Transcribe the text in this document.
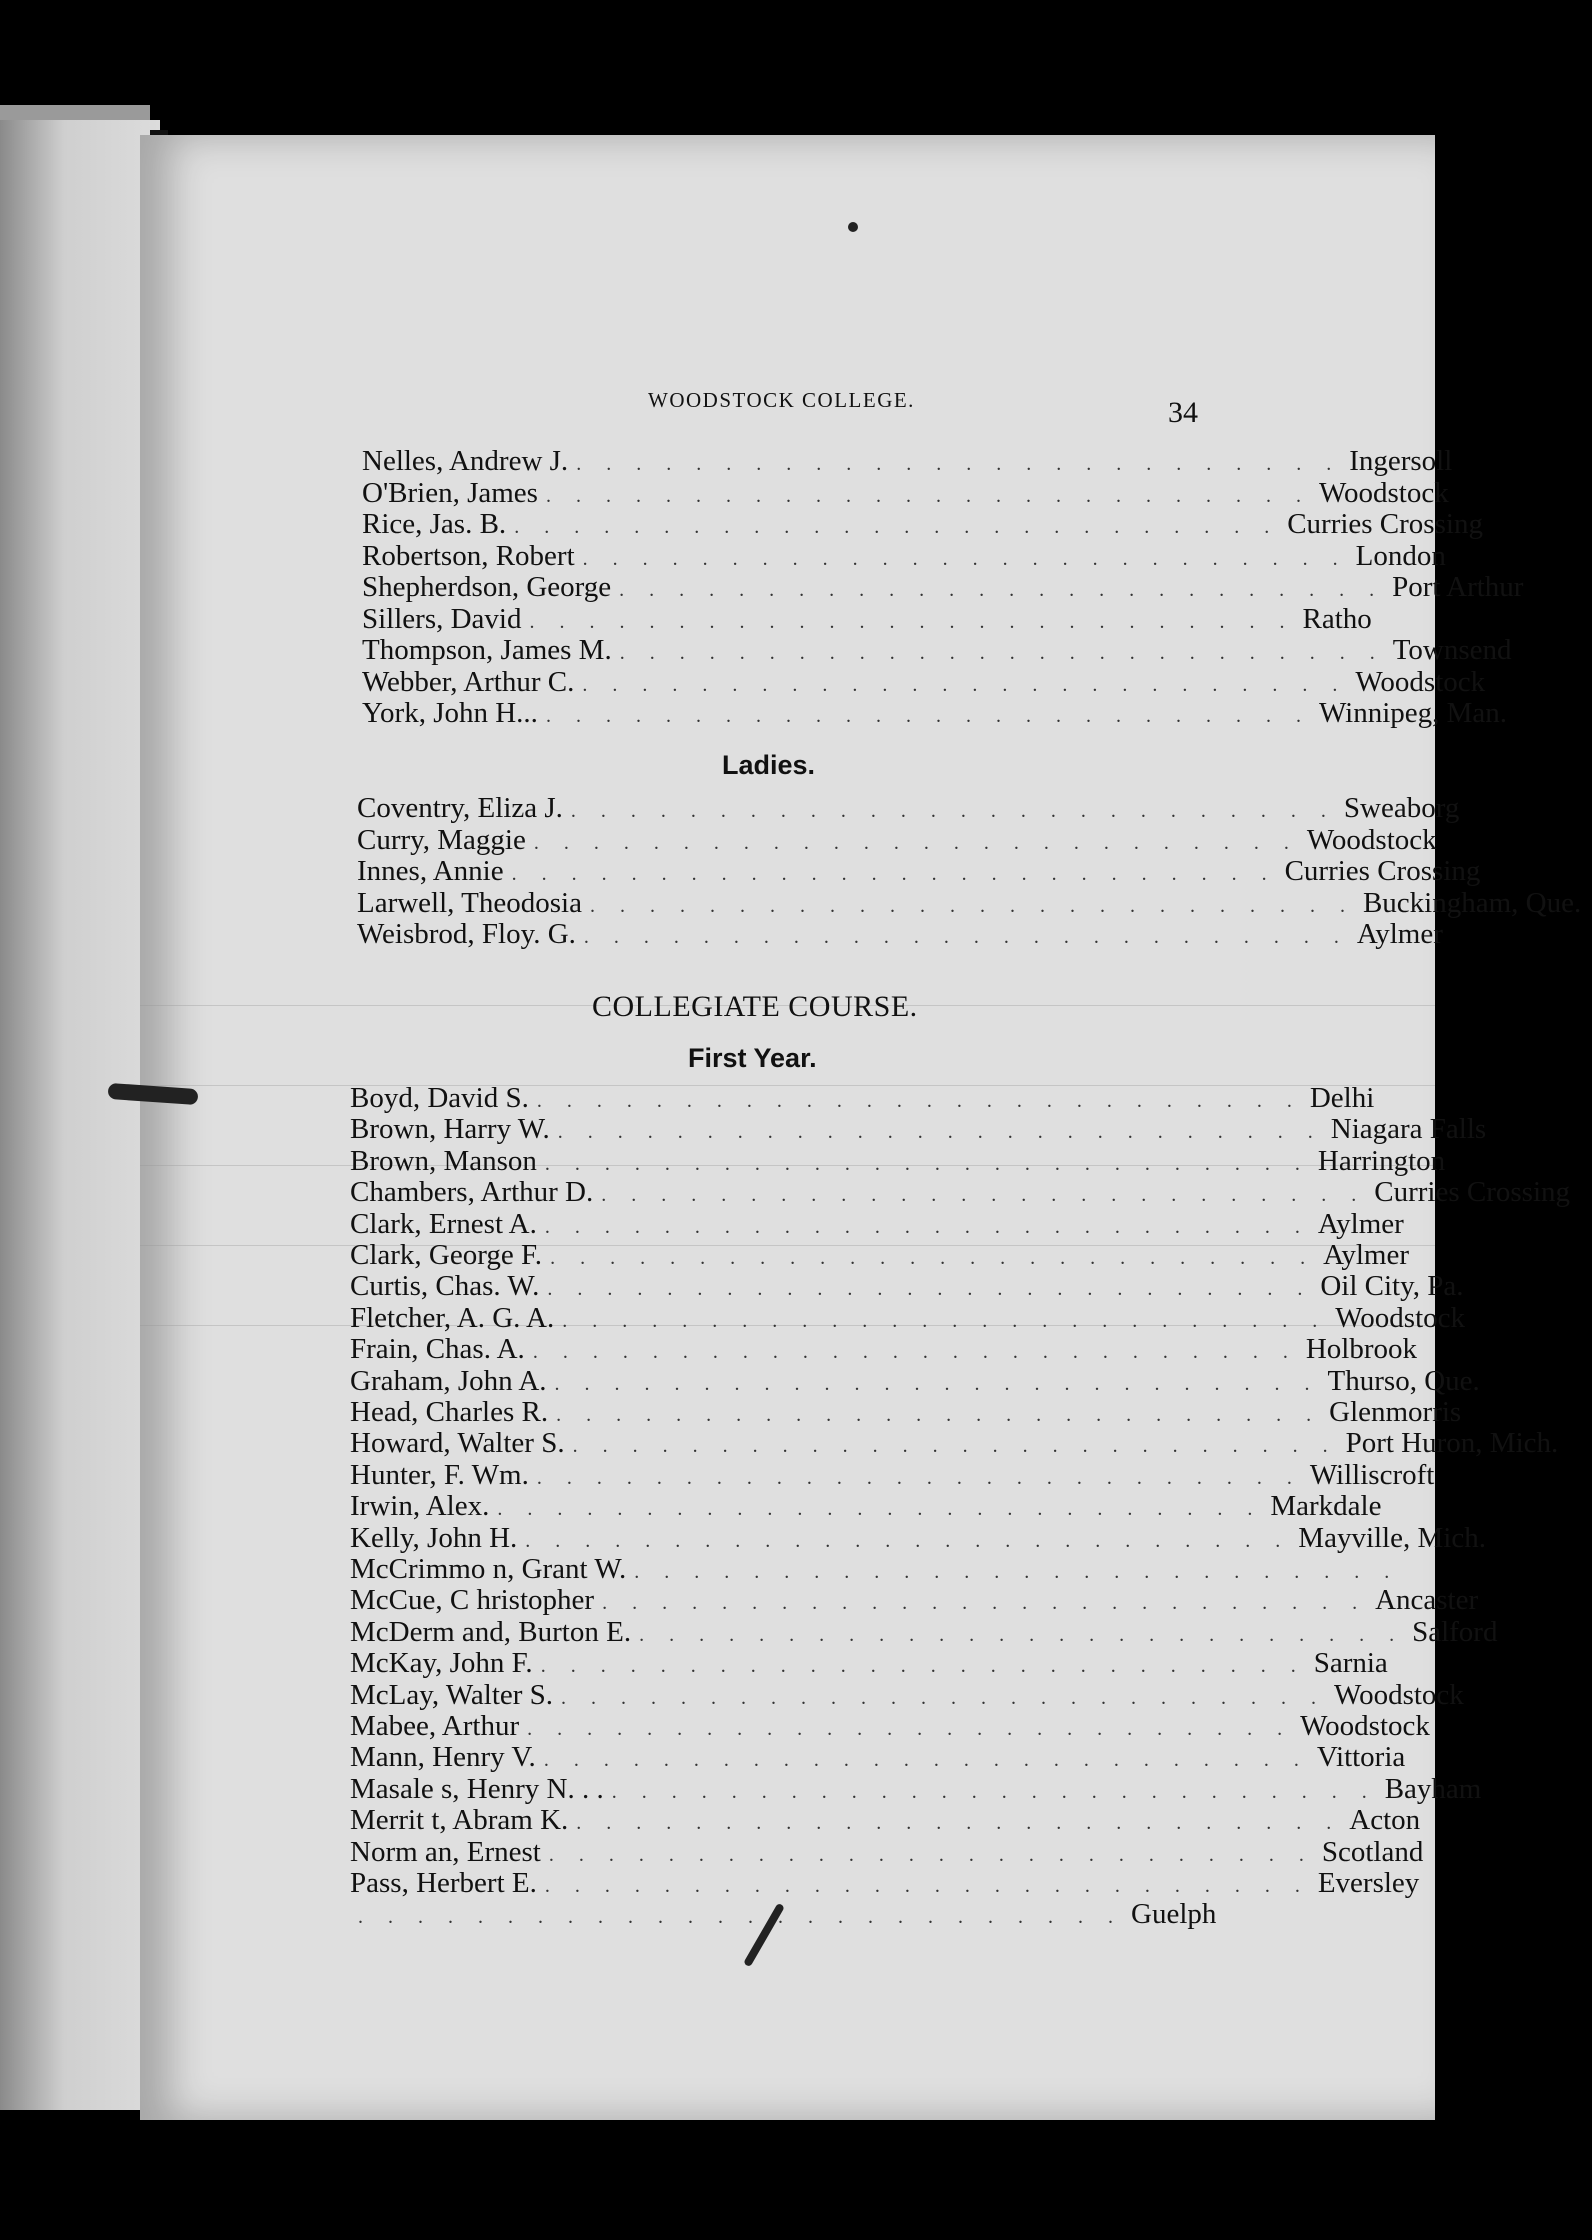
WOODSTOCK COLLEGE.	34
Ladies.
COLLEGIATE COURSE.
First Year.
Nelles, Andrew J. . . . . . . . . . . . . . . . . . . . . . . . . . . Ingersoll
O'Brien, James . . . . . . . . . . . . . . . . . . . . . . . . . . Woodstock
Rice, Jas. B. . . . . . . . . . . . . . . . . . . . . . . . . . . Curries Crossing
Robertson, Robert . . . . . . . . . . . . . . . . . . . . . . . . . . London
Shepherdson, George . . . . . . . . . . . . . . . . . . . . . . . . . . Port Arthur
Sillers, David . . . . . . . . . . . . . . . . . . . . . . . . . . Ratho
Thompson, James M. . . . . . . . . . . . . . . . . . . . . . . . . . . Townsend
Webber, Arthur C. . . . . . . . . . . . . . . . . . . . . . . . . . . Woodstock
York, John H... . . . . . . . . . . . . . . . . . . . . . . . . . . Winnipeg, Man.
Coventry, Eliza J. . . . . . . . . . . . . . . . . . . . . . . . . . . Sweaborg
Curry, Maggie . . . . . . . . . . . . . . . . . . . . . . . . . . Woodstock
Innes, Annie . . . . . . . . . . . . . . . . . . . . . . . . . . Curries Crossing
Larwell, Theodosia . . . . . . . . . . . . . . . . . . . . . . . . . . Buckingham, Que.
Weisbrod, Floy. G. . . . . . . . . . . . . . . . . . . . . . . . . . . Aylmer
Boyd, David S. . . . . . . . . . . . . . . . . . . . . . . . . . . Delhi
Brown, Harry W. . . . . . . . . . . . . . . . . . . . . . . . . . . Niagara Falls
Brown, Manson . . . . . . . . . . . . . . . . . . . . . . . . . . Harrington
Chambers, Arthur D. . . . . . . . . . . . . . . . . . . . . . . . . . . Curries Crossing
Clark, Ernest A. . . . . . . . . . . . . . . . . . . . . . . . . . . Aylmer
Clark, George F. . . . . . . . . . . . . . . . . . . . . . . . . . . Aylmer
Curtis, Chas. W. . . . . . . . . . . . . . . . . . . . . . . . . . . Oil City, Pa.
Fletcher, A. G. A. . . . . . . . . . . . . . . . . . . . . . . . . . . Woodstock
Frain, Chas. A. . . . . . . . . . . . . . . . . . . . . . . . . . . Holbrook
Graham, John A. . . . . . . . . . . . . . . . . . . . . . . . . . . Thurso, Que.
Head, Charles R. . . . . . . . . . . . . . . . . . . . . . . . . . . Glenmorris
Howard, Walter S. . . . . . . . . . . . . . . . . . . . . . . . . . . Port Huron, Mich.
Hunter, F. Wm. . . . . . . . . . . . . . . . . . . . . . . . . . . Williscroft
Irwin, Alex. . . . . . . . . . . . . . . . . . . . . . . . . . . Markdale
Kelly, John H. . . . . . . . . . . . . . . . . . . . . . . . . . . Mayville, Mich.
McCrimmo n, Grant W. . . . . . . . . . . . . . . . . . . . . . . . . . .
McCue, C hristopher . . . . . . . . . . . . . . . . . . . . . . . . . . Ancaster
McDerm and, Burton E. . . . . . . . . . . . . . . . . . . . . . . . . . . Salford
McKay, John F. . . . . . . . . . . . . . . . . . . . . . . . . . . Sarnia
McLay, Walter S. . . . . . . . . . . . . . . . . . . . . . . . . . . Woodstock
Mabee, Arthur . . . . . . . . . . . . . . . . . . . . . . . . . . Woodstock
Mann, Henry V. . . . . . . . . . . . . . . . . . . . . . . . . . . Vittoria
Masale s, Henry N. . . . . . . . . . . . . . . . . . . . . . . . . . . . . Bayham
Merrit t, Abram K. . . . . . . . . . . . . . . . . . . . . . . . . . . Acton
Norm an, Ernest . . . . . . . . . . . . . . . . . . . . . . . . . . Scotland
Pass, Herbert E. . . . . . . . . . . . . . . . . . . . . . . . . . . Eversley
. . . . . . . . . . . . . . . . . . . . . . . . . . Guelph
